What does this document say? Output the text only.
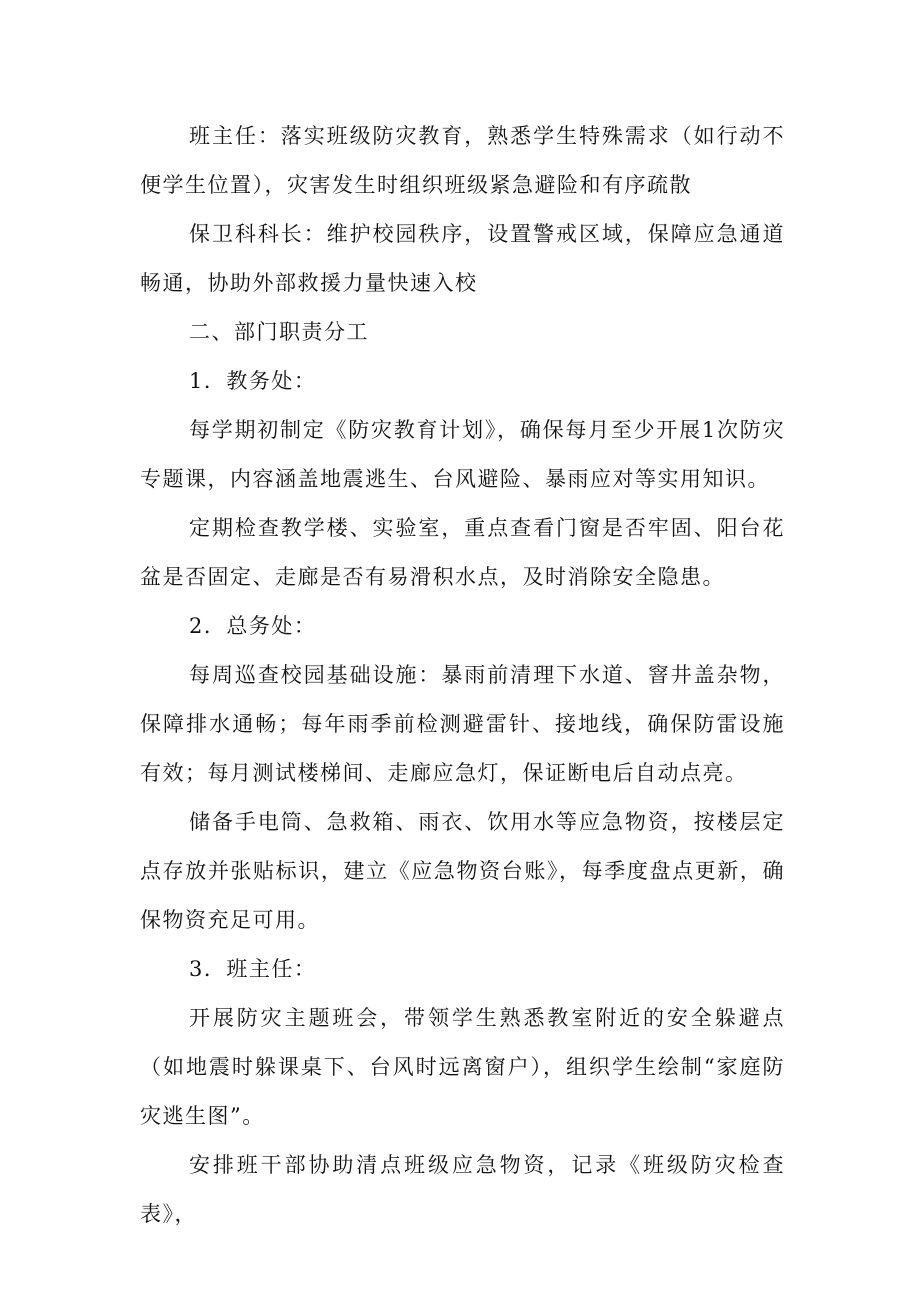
班主任：落实班级防灾教育，熟悉学生特殊需求（如行动不便学生位置），灾害发生时组织班级紧急避险和有序疏散

保卫科科长：维护校园秩序，设置警戒区域，保障应急通道畅通，协助外部救援力量快速入校

二、部门职责分工

1．教务处：

每学期初制定《防灾教育计划》，确保每月至少开展1次防灾专题课，内容涵盖地震逃生、台风避险、暴雨应对等实用知识。

定期检查教学楼、实验室，重点查看门窗是否牢固、阳台花盆是否固定、走廊是否有易滑积水点，及时消除安全隐患。

2．总务处：

每周巡查校园基础设施：暴雨前清理下水道、窨井盖杂物，保障排水通畅；每年雨季前检测避雷针、接地线，确保防雷设施有效；每月测试楼梯间、走廊应急灯，保证断电后自动点亮。

储备手电筒、急救箱、雨衣、饮用水等应急物资，按楼层定点存放并张贴标识，建立《应急物资台账》，每季度盘点更新，确保物资充足可用。

3．班主任：

开展防灾主题班会，带领学生熟悉教室附近的安全躲避点（如地震时躲课桌下、台风时远离窗户），组织学生绘制“家庭防灾逃生图”。

安排班干部协助清点班级应急物资，记录《班级防灾检查表》，
